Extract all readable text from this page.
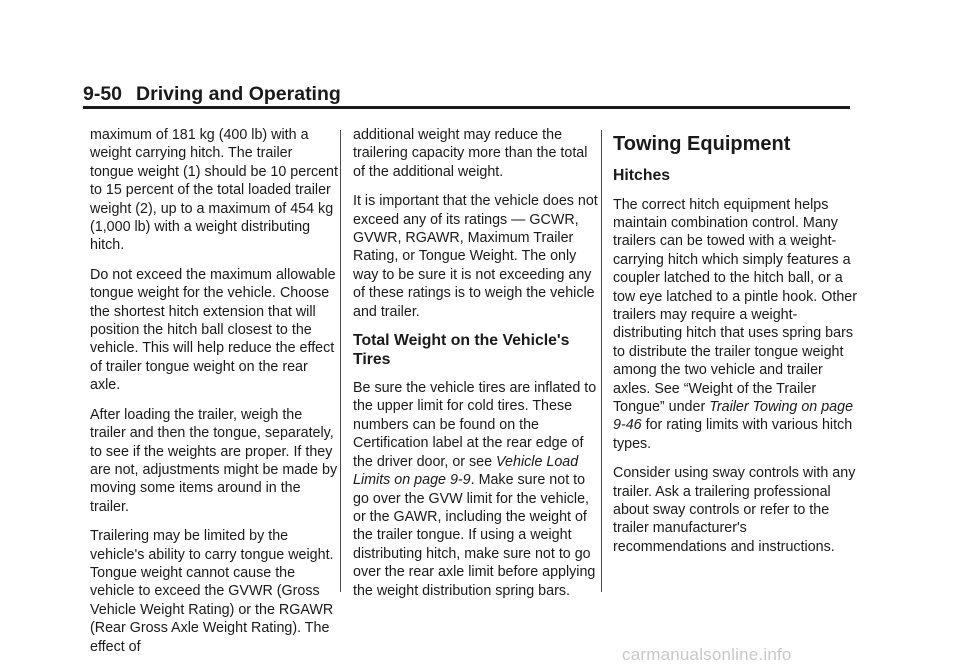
9-50 Driving and Operating

maximum of 181 kg (400 lb) with a weight carrying hitch. The trailer tongue weight (1) should be 10 percent to 15 percent of the total loaded trailer weight (2), up to a maximum of 454 kg (1,000 lb) with a weight distributing hitch.

Do not exceed the maximum allowable tongue weight for the vehicle. Choose the shortest hitch extension that will position the hitch ball closest to the vehicle. This will help reduce the effect of trailer tongue weight on the rear axle.

After loading the trailer, weigh the trailer and then the tongue, separately, to see if the weights are proper. If they are not, adjustments might be made by moving some items around in the trailer.

Trailering may be limited by the vehicle's ability to carry tongue weight. Tongue weight cannot cause the vehicle to exceed the GVWR (Gross Vehicle Weight Rating) or the RGAWR (Rear Gross Axle Weight Rating). The effect of

additional weight may reduce the trailering capacity more than the total of the additional weight.

It is important that the vehicle does not exceed any of its ratings — GCWR, GVWR, RGAWR, Maximum Trailer Rating, or Tongue Weight. The only way to be sure it is not exceeding any of these ratings is to weigh the vehicle and trailer.

Total Weight on the Vehicle's Tires

Be sure the vehicle tires are inflated to the upper limit for cold tires. These numbers can be found on the Certification label at the rear edge of the driver door, or see Vehicle Load Limits on page 9-9. Make sure not to go over the GVW limit for the vehicle, or the GAWR, including the weight of the trailer tongue. If using a weight distributing hitch, make sure not to go over the rear axle limit before applying the weight distribution spring bars.

Towing Equipment
Hitches

The correct hitch equipment helps maintain combination control. Many trailers can be towed with a weight-carrying hitch which simply features a coupler latched to the hitch ball, or a tow eye latched to a pintle hook. Other trailers may require a weight-distributing hitch that uses spring bars to distribute the trailer tongue weight among the two vehicle and trailer axles. See “Weight of the Trailer Tongue” under Trailer Towing on page 9-46 for rating limits with various hitch types.

Consider using sway controls with any trailer. Ask a trailering professional about sway controls or refer to the trailer manufacturer's recommendations and instructions.

carmanualsonline.info
